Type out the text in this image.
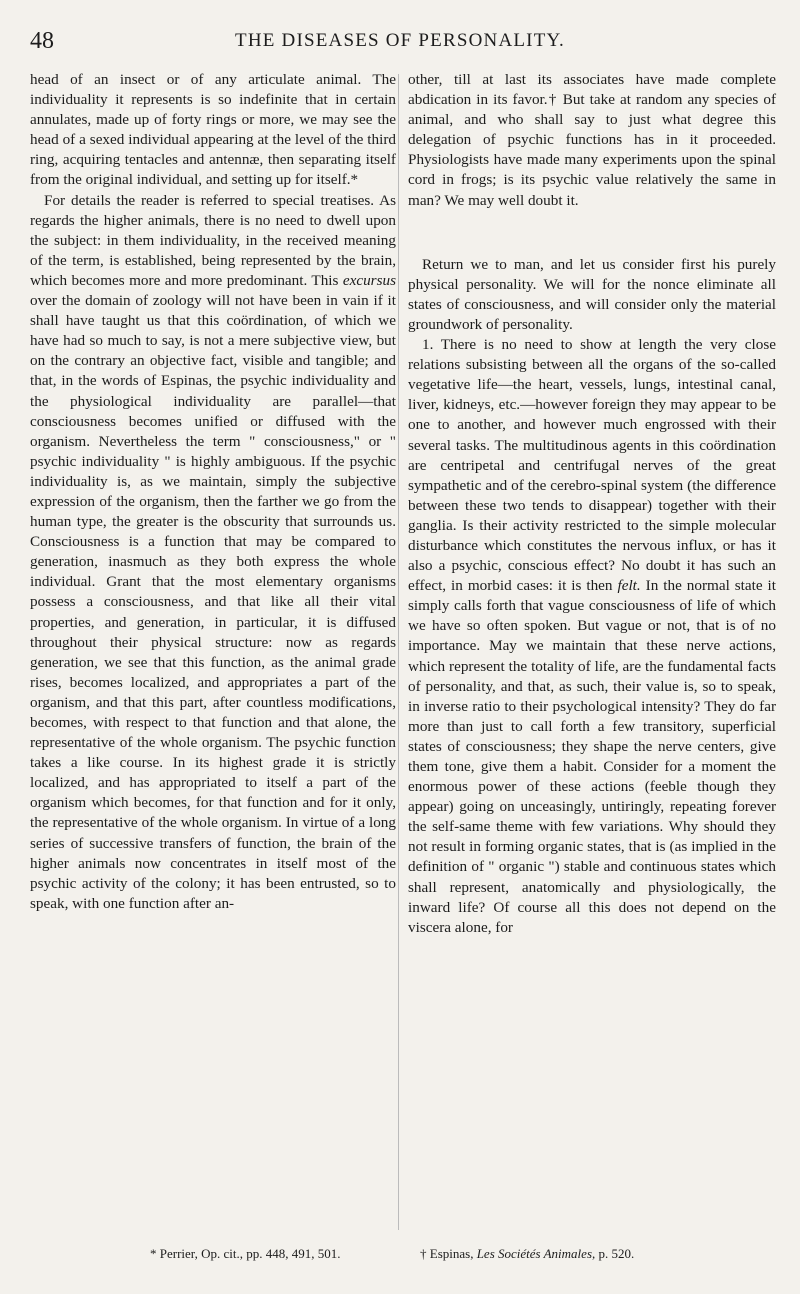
48	THE DISEASES OF PERSONALITY.

head of an insect or of any articulate animal. The individuality it represents is so indefinite that in certain annulates, made up of forty rings or more, we may see the head of a sexed individual appearing at the level of the third ring, acquiring tentacles and antennæ, then separating itself from the original individual, and setting up for itself.*

For details the reader is referred to special treatises. As regards the higher animals, there is no need to dwell upon the subject: in them individuality, in the received meaning of the term, is established, being represented by the brain, which becomes more and more predominant. This excursus over the domain of zoology will not have been in vain if it shall have taught us that this coördination, of which we have had so much to say, is not a mere subjective view, but on the contrary an objective fact, visible and tangible; and that, in the words of Espinas, the psychic individuality and the physiological individuality are parallel—that consciousness becomes unified or diffused with the organism. Nevertheless the term " consciousness," or " psychic individuality " is highly ambiguous. If the psychic individuality is, as we maintain, simply the subjective expression of the organism, then the farther we go from the human type, the greater is the obscurity that surrounds us. Consciousness is a function that may be compared to generation, inasmuch as they both express the whole individual. Grant that the most elementary organisms possess a consciousness, and that like all their vital properties, and generation, in particular, it is diffused throughout their physical structure: now as regards generation, we see that this function, as the animal grade rises, becomes localized, and appropriates a part of the organism, and that this part, after countless modifications, becomes, with respect to that function and that alone, the representative of the whole organism. The psychic function takes a like course. In its highest grade it is strictly localized, and has appropriated to itself a part of the organism which becomes, for that function and for it only, the representative of the whole organism. In virtue of a long series of successive transfers of function, the brain of the higher animals now concentrates in itself most of the psychic activity of the colony; it has been entrusted, so to speak, with one function after an-

other, till at last its associates have made complete abdication in its favor.† But take at random any species of animal, and who shall say to just what degree this delegation of psychic functions has in it proceeded. Physiologists have made many experiments upon the spinal cord in frogs; is its psychic value relatively the same in man? We may well doubt it.

Return we to man, and let us consider first his purely physical personality. We will for the nonce eliminate all states of consciousness, and will consider only the material groundwork of personality.

1. There is no need to show at length the very close relations subsisting between all the organs of the so-called vegetative life—the heart, vessels, lungs, intestinal canal, liver, kidneys, etc.—however foreign they may appear to be one to another, and however much engrossed with their several tasks. The multitudinous agents in this coördination are centripetal and centrifugal nerves of the great sympathetic and of the cerebro-spinal system (the difference between these two tends to disappear) together with their ganglia. Is their activity restricted to the simple molecular disturbance which constitutes the nervous influx, or has it also a psychic, conscious effect? No doubt it has such an effect, in morbid cases: it is then felt. In the normal state it simply calls forth that vague consciousness of life of which we have so often spoken. But vague or not, that is of no importance. May we maintain that these nerve actions, which represent the totality of life, are the fundamental facts of personality, and that, as such, their value is, so to speak, in inverse ratio to their psychological intensity? They do far more than just to call forth a few transitory, superficial states of consciousness; they shape the nerve centers, give them tone, give them a habit. Consider for a moment the enormous power of these actions (feeble though they appear) going on unceasingly, untiringly, repeating forever the self-same theme with few variations. Why should they not result in forming organic states, that is (as implied in the definition of " organic ") stable and continuous states which shall represent, anatomically and physiologically, the inward life? Of course all this does not depend on the viscera alone, for

* Perrier, Op. cit., pp. 448, 491, 501.	† Espinas, Les Sociétés Animales, p. 520.
